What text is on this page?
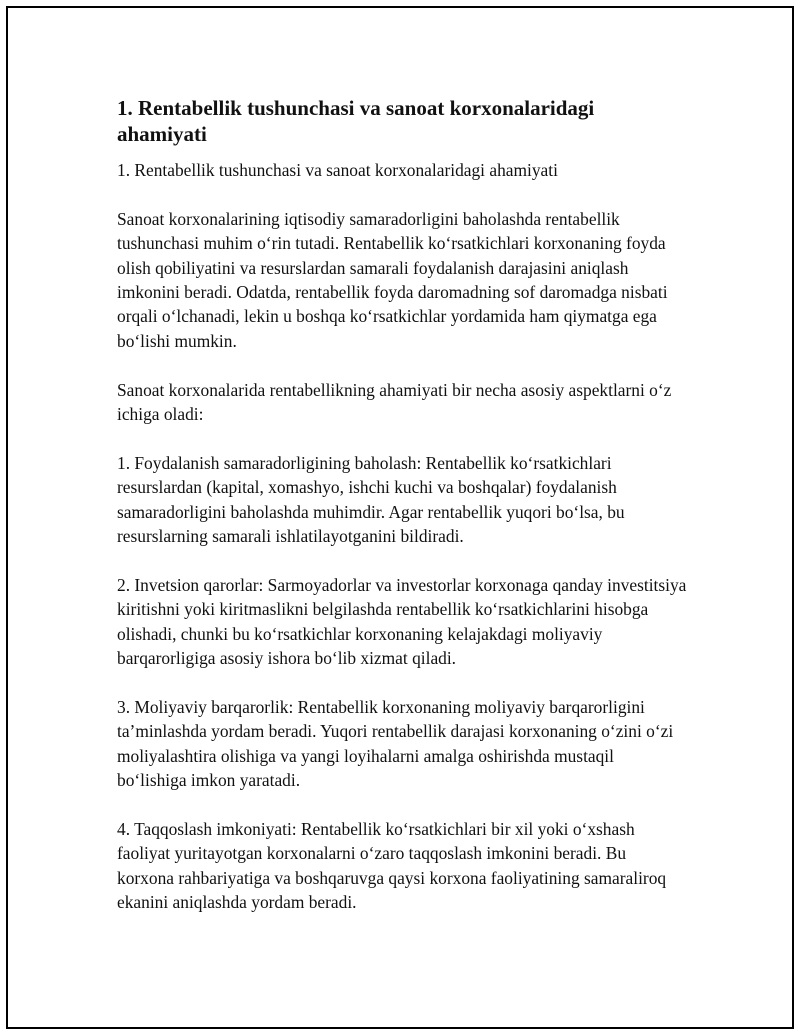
1. Rentabellik tushunchasi va sanoat korxonalaridagi ahamiyati

1. Rentabellik tushunchasi va sanoat korxonalaridagi ahamiyati

Sanoat korxonalarining iqtisodiy samaradorligini baholashda rentabellik tushunchasi muhim oʻrin tutadi. Rentabellik koʻrsatkichlari korxonaning foyda olish qobiliyatini va resurslardan samarali foydalanish darajasini aniqlash imkonini beradi. Odatda, rentabellik foyda daromadning sof daromadga nisbati orqali oʻlchanadi, lekin u boshqa koʻrsatkichlar yordamida ham qiymatga ega boʻlishi mumkin.

Sanoat korxonalarida rentabellikning ahamiyati bir necha asosiy aspektlarni oʻz ichiga oladi:

1. Foydalanish samaradorligining baholash: Rentabellik koʻrsatkichlari resurslardan (kapital, xomashyo, ishchi kuchi va boshqalar) foydalanish samaradorligini baholashda muhimdir. Agar rentabellik yuqori boʻlsa, bu resurslarning samarali ishlatilayotganini bildiradi.

2. Invetsion qarorlar: Sarmoyadorlar va investorlar korxonaga qanday investitsiya kiritishni yoki kiritmaslikni belgilashda rentabellik koʻrsatkichlarini hisobga olishadi, chunki bu koʻrsatkichlar korxonaning kelajakdagi moliyaviy barqarorligiga asosiy ishora boʻlib xizmat qiladi.

3. Moliyaviy barqarorlik: Rentabellik korxonaning moliyaviy barqarorligini taʼminlashda yordam beradi. Yuqori rentabellik darajasi korxonaning oʻzini oʻzi moliyalashtira olishiga va yangi loyihalarni amalga oshirishda mustaqil boʻlishiga imkon yaratadi.

4. Taqqoslash imkoniyati: Rentabellik koʻrsatkichlari bir xil yoki oʻxshash faoliyat yuritayotgan korxonalarni oʻzaro taqqoslash imkonini beradi. Bu korxona rahbariyatiga va boshqaruvga qaysi korxona faoliyatining samaraliroq ekanini aniqlashda yordam beradi.
